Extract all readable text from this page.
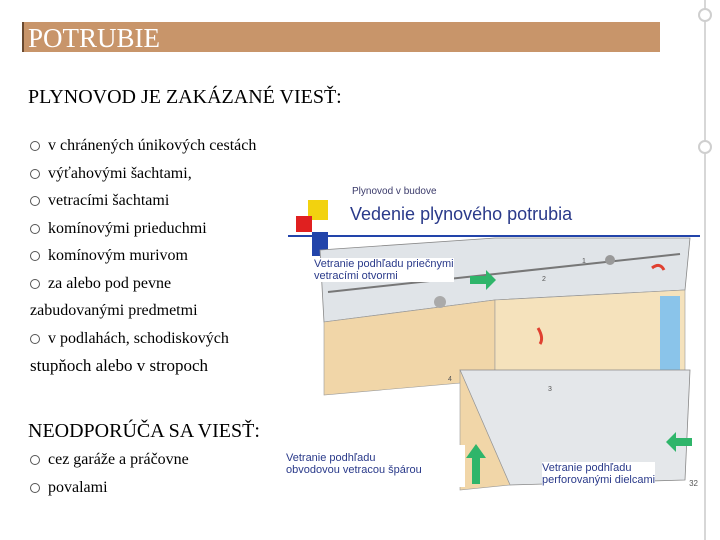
POTRUBIE
PLYNOVOD JE ZAKÁZANÉ VIESŤ:
v chránených únikových cestách
výťahovými šachtami,
vetracími šachtami
komínovými prieduchmi
komínovým murivom
za alebo pod pevne
zabudovanými predmetmi
v podlahách, schodiskových
stupňoch alebo v stropoch
NEODPORÚČA SA VIESŤ:
cez garáže a práčovne
povalami
Plynovod v budove
Vedenie plynového potrubia
Vetranie podhľadu priečnymi
vetracími otvormi
Vetranie podhľadu
obvodovou vetracou špárou	Vetranie podhľadu
perforovanými dielcami
1
2
3
4
32
